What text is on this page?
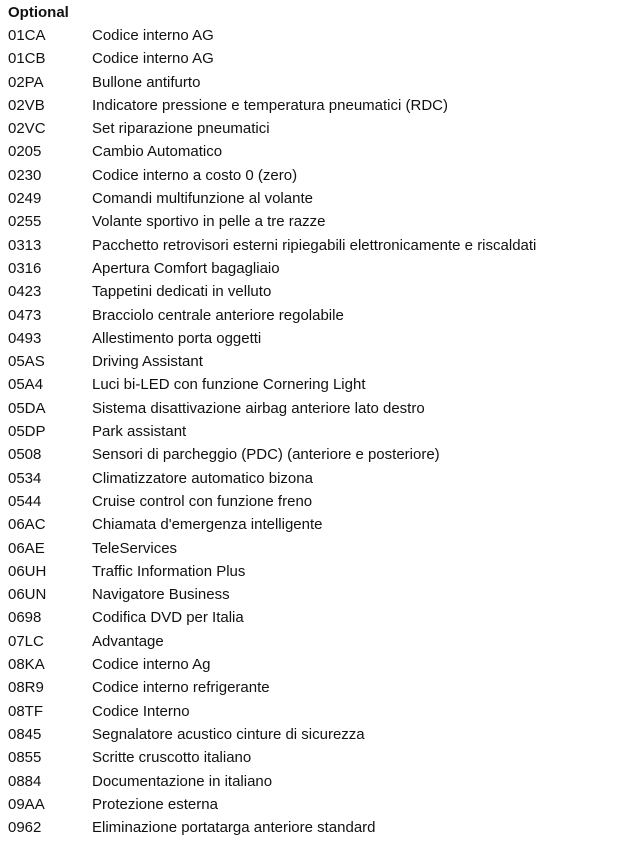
Optional
01CA	Codice interno AG
01CB	Codice interno AG
02PA	Bullone antifurto
02VB	Indicatore pressione e temperatura pneumatici (RDC)
02VC	Set riparazione pneumatici
0205	Cambio Automatico
0230	Codice interno a costo 0 (zero)
0249	Comandi multifunzione al volante
0255	Volante sportivo in pelle a tre razze
0313	Pacchetto retrovisori esterni ripiegabili elettronicamente e riscaldati
0316	Apertura Comfort bagagliaio
0423	Tappetini dedicati in velluto
0473	Bracciolo centrale anteriore regolabile
0493	Allestimento porta oggetti
05AS	Driving Assistant
05A4	Luci bi-LED con funzione Cornering Light
05DA	Sistema disattivazione airbag anteriore lato destro
05DP	Park assistant
0508	Sensori di parcheggio (PDC) (anteriore e posteriore)
0534	Climatizzatore automatico bizona
0544	Cruise control con funzione freno
06AC	Chiamata d'emergenza intelligente
06AE	TeleServices
06UH	Traffic Information Plus
06UN	Navigatore Business
0698	Codifica DVD per Italia
07LC	Advantage
08KA	Codice interno Ag
08R9	Codice interno refrigerante
08TF	Codice Interno
0845	Segnalatore acustico cinture di sicurezza
0855	Scritte cruscotto italiano
0884	Documentazione in italiano
09AA	Protezione esterna
0962	Eliminazione portatarga anteriore standard
